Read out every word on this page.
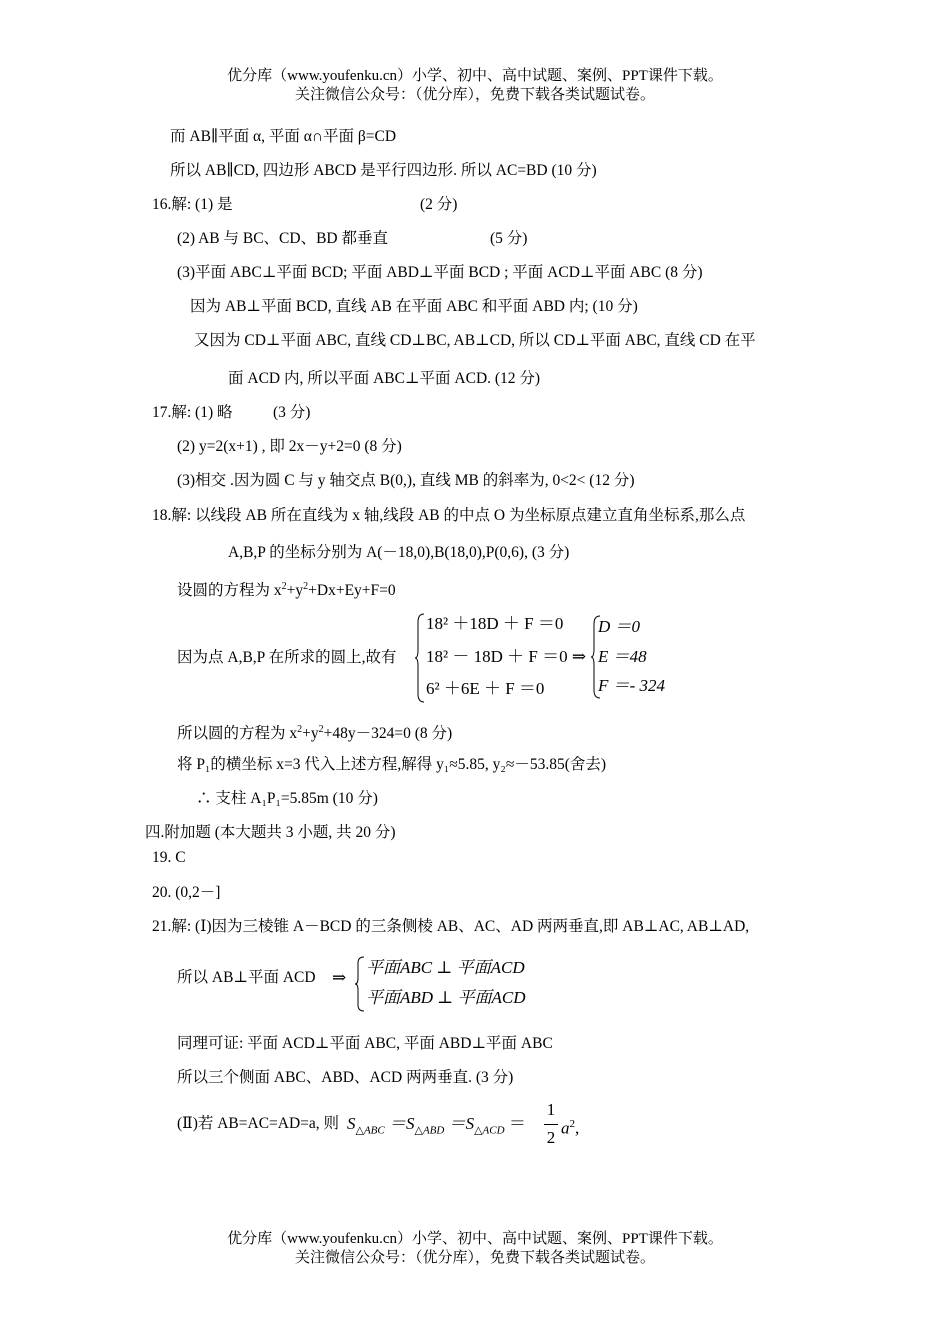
优分库（www.youfenku.cn）小学、初中、高中试题、案例、PPT课件下载。
关注微信公众号：（优分库），免费下载各类试题试卷。
而 AB∥平面 α, 平面 α∩平面 β=CD
所以 AB∥CD, 四边形 ABCD 是平行四边形. 所以 AC=BD (10 分)
16.解: (1) 是	(2 分)
(2) AB 与 BC、CD、BD 都垂直	(5 分)
(3)平面 ABC⊥平面 BCD; 平面 ABD⊥平面 BCD ; 平面 ACD⊥平面 ABC (8 分)
因为 AB⊥平面 BCD, 直线 AB 在平面 ABC 和平面 ABD 内; (10 分)
又因为 CD⊥平面 ABC, 直线 CD⊥BC, AB⊥CD, 所以 CD⊥平面 ABC, 直线 CD 在平
面 ACD 内, 所以平面 ABC⊥平面 ACD. (12 分)
17.解: (1) 略	(3 分)
(2) y=2(x+1) , 即 2x－y+2=0 (8 分)
(3)相交 .因为圆 C 与 y 轴交点 B(0,), 直线 MB 的斜率为, 0<2< (12 分)
18.解: 以线段 AB 所在直线为 x 轴,线段 AB 的中点 O 为坐标原点建立直角坐标系,那么点
A,B,P 的坐标分别为 A(－18,0),B(18,0),P(0,6), (3 分)
设圆的方程为 $x^2+y^2+Dx+Ey+F=0$
因为点 A,B,P 在所求的圆上,故有
18² ＋18D ＋ F ＝0
18² － 18D ＋ F ＝0 ⇒
6² ＋6E ＋ F ＝0
D ＝0
E ＝48
F ＝- 324
所以圆的方程为 $x^2+y^2+48y-324=0$ (8 分)
将 P₁的横坐标 x=3 代入上述方程,解得 y₁≈5.85, y₂≈－53.85(舍去)
∴ 支柱 A₁P₁=5.85m (10 分)
四.附加题 (本大题共 3 小题, 共 20 分)
19. C
20. (0,2－]
21.解: (Ⅰ)因为三棱锥 A－BCD 的三条侧棱 AB、AC、AD 两两垂直,即 AB⊥AC, AB⊥AD,
所以 AB⊥平面 ACD ⇒
平面ABC ⊥ 平面ACD
平面ABD ⊥ 平面ACD
同理可证: 平面 ACD⊥平面 ABC, 平面 ABD⊥平面 ABC
所以三个侧面 ABC、ABD、ACD 两两垂直. (3 分)
(Ⅱ)若 AB=AC=AD=a, 则 $S_{\triangle ABC} =S_{\triangle ABD} =S_{\triangle ACD}$ ＝
1
2 $a^2$,
优分库（www.youfenku.cn）小学、初中、高中试题、案例、PPT课件下载。
关注微信公众号：（优分库），免费下载各类试题试卷。
